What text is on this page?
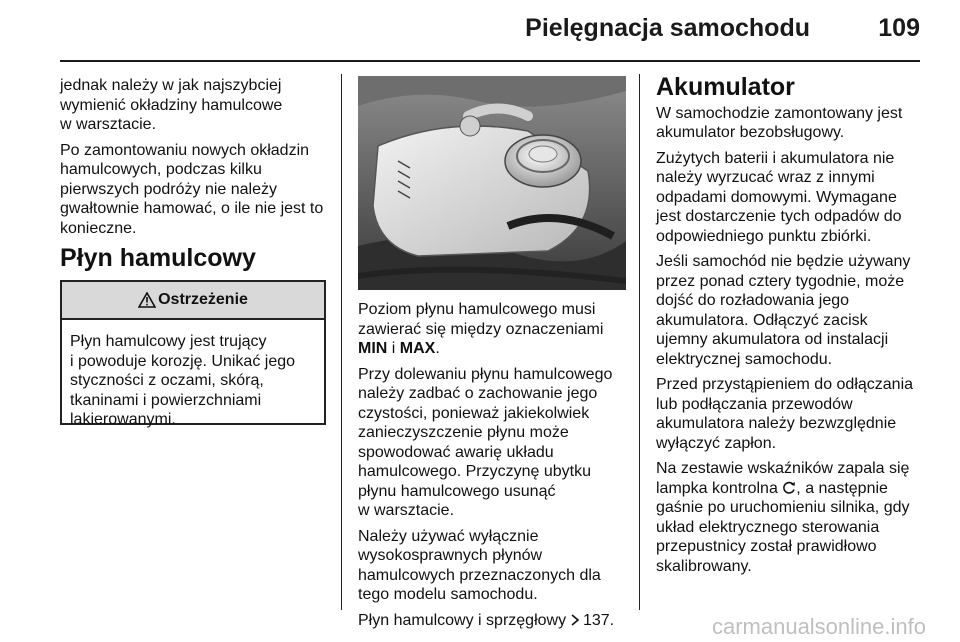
Pielęgnacja samochodu	109

jednak należy w jak najszybciej
wymienić okładziny hamulcowe
w warsztacie.

Po zamontowaniu nowych okładzin
hamulcowych, podczas kilku
pierwszych podróży nie należy
gwałtownie hamować, o ile nie jest to
konieczne.

Płyn hamulcowy
Ostrzeżenie
Płyn hamulcowy jest trujący
i powoduje korozję. Unikać jego
styczności z oczami, skórą,
tkaninami i powierzchniami
lakierowanymi.

Poziom płynu hamulcowego musi
zawierać się między oznaczeniami
MIN i MAX.

Przy dolewaniu płynu hamulcowego
należy zadbać o zachowanie jego
czystości, ponieważ jakiekolwiek
zanieczyszczenie płynu może
spowodować awarię układu
hamulcowego. Przyczynę ubytku
płynu hamulcowego usunąć
w warsztacie.

Należy używać wyłącznie
wysokosprawnych płynów
hamulcowych przeznaczonych dla
tego modelu samochodu.

Płyn hamulcowy i sprzęgłowy  137.

Akumulator

W samochodzie zamontowany jest
akumulator bezobsługowy.

Zużytych baterii i akumulatora nie
należy wyrzucać wraz z innymi
odpadami domowymi. Wymagane
jest dostarczenie tych odpadów do
odpowiedniego punktu zbiórki.

Jeśli samochód nie będzie używany
przez ponad cztery tygodnie, może
dojść do rozładowania jego
akumulatora. Odłączyć zacisk
ujemny akumulatora od instalacji
elektrycznej samochodu.

Przed przystąpieniem do odłączania
lub podłączania przewodów
akumulatora należy bezwzględnie
wyłączyć zapłon.

Na zestawie wskaźników zapala się
lampka kontrolna , a następnie
gaśnie po uruchomieniu silnika, gdy
układ elektrycznego sterowania
przepustnicy został prawidłowo
skalibrowany.

carmanualsonline.info
